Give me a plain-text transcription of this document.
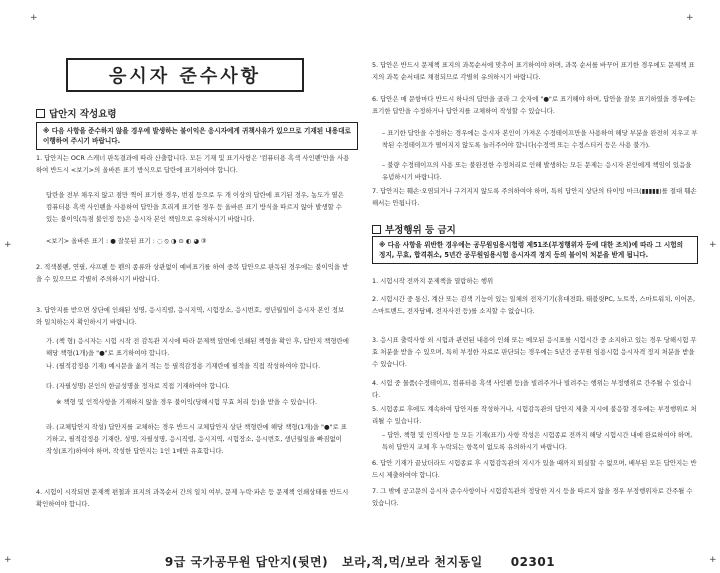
+	+
+	+
+	+
응시자 준수사항
답안지 작성요령
※ 다음 사항을 준수하지 않을 경우에 발생하는 불이익은 응시자에게 귀책사유가 있으므로 기재된 내용대로 이행하여 주시기 바랍니다.
1. 답안지는 OCR 스캐너 판독결과에 따라 산출합니다. 모든 기재 및 표기사항은 '컴퓨터용 흑색 사인펜'만을 사용하여 반드시 <보기>의 올바른 표기 방식으로 답란에 표기하여야 합니다.
답란을 전부 채우지 않고 점만 찍어 표기한 경우, 번짐 등으로 두 개 이상의 답란에 표기된 경우, 농도가 옅은 컴퓨터용 흑색 사인펜을 사용하여 답안을 흐리게 표기한 경우 등 올바른 표기 방식을 따르지 않아 발생할 수 있는 불이익(득점 불인정 등)은 응시자 본인 책임으로 유의하시기 바랍니다.
<보기> 올바른 표기 : ● 잘못된 표기 : ◌ ⦸ ◑ ⊙ ◐ ◕ ③
2. 적색볼펜, 연필, 샤프펜 등 펜의 종류와 상관없이 예비표기를 하여 중복 답안으로 판독된 경우에는 불이익을 받을 수 있으므로 각별히 주의하시기 바랍니다.
3. 답안지를 받으면 상단에 인쇄된 성명, 응시직렬, 응시지역, 시험장소, 응시번호, 생년월일이 응시자 본인 정보와 일치하는지 확인하시기 바랍니다.
가. (책 형) 응시자는 시험 시작 전 감독관 지시에 따라 문제책 앞면에 인쇄된 책형을 확인 후, 답안지 책형란에 해당 책형(1개)을 "●"로 표기하여야 합니다.
나. (필적감정용 기재) 예시문을 옮겨 적는 등 필적감정용 기재란에 필적을 직접 작성하여야 합니다.
다. (자필성명) 본인의 한글성명을 정자로 직접 기재하여야 합니다.
※ 책형 및 인적사항을 기재하지 않을 경우 불이익(당해시험 무효 처리 등)을 받을 수 있습니다.
라. (교체답안지 작성) 답안지를 교체하는 경우 반드시 교체답안지 상단 책형란에 해당 책형(1개)을 "●"로 표기하고, 필적감정용 기재란, 성명, 자필성명, 응시직렬, 응시지역, 시험장소, 응시번호, 생년월일을 빠짐없이 작성(표기)하여야 하며, 작성한 답안지는 1인 1매만 유효합니다.
4. 시험이 시작되면 문제책 편철과 표지의 과목순서 간의 일치 여부, 문제 누락·파손 등 문제책 인쇄상태를 반드시 확인하여야 합니다.
5. 답안은 반드시 문제책 표지의 과목순서에 맞추어 표기하여야 하며, 과목 순서를 바꾸어 표기한 경우에도 문제책 표지의 과목 순서대로 채점되므로 각별히 유의하시기 바랍니다.
6. 답안은 매 문항마다 반드시 하나의 답만을 골라 그 숫자에 "●"로 표기해야 하며, 답안을 잘못 표기하였을 경우에는 표기한 답안을 수정하거나 답안지를 교체하여 작성할 수 있습니다.
– 표기한 답안을 수정하는 경우에는 응시자 본인이 가져온 수정테이프만을 사용하여 해당 부분을 완전히 지우고 부착된 수정테이프가 떨어지지 않도록 눌러주어야 합니다(수정액 또는 수정스티커 등은 사용 불가).
– 불량 수정테이프의 사용 또는 불완전한 수정처리로 인해 발생하는 모든 문제는 응시자 본인에게 책임이 있음을 유념하시기 바랍니다.
7. 답안지는 훼손·오염되거나 구겨지지 않도록 주의하여야 하며, 특히 답안지 상단의 타이밍 마크(▮▮▮▮▮)를 절대 훼손해서는 안됩니다.
부정행위 등 금지
※ 다음 사항을 위반한 경우에는 공무원임용시험령 제51조(부정행위자 등에 대한 조치)에 따라 그 시험의 정지, 무효, 합격취소, 5년간 공무원임용시험 응시자격 정지 등의 불이익 처분을 받게 됩니다.
1. 시험시작 전까지 문제책을 열람하는 행위
2. 시험시간 중 통신, 계산 또는 검색 기능이 있는 일체의 전자기기(휴대전화, 태블릿PC, 노트북, 스마트워치, 이어폰, 스마트밴드, 전자담배, 전자사전 등)를 소지할 수 없습니다.
3. 응시표 출력사항 외 시험과 관련된 내용이 인쇄 또는 메모된 응시표를 시험시간 중 소지하고 있는 경우 당해시험 무효 처분을 받을 수 있으며, 특히 부정한 자료로 판단되는 경우에는 5년간 공무원 임용시험 응시자격 정지 처분을 받을 수 있습니다.
4. 시험 중 물품(수정테이프, 컴퓨터용 흑색 사인펜 등)을 빌려주거나 빌려주는 행위는 부정행위로 간주될 수 있습니다.
5. 시험종료 후에도 계속하여 답안지를 작성하거나, 시험감독관의 답안지 제출 지시에 불응할 경우에는 부정행위로 처리될 수 있습니다.
– 답안, 책형 및 인적사항 등 모든 기재(표기) 사항 작성은 시험종료 전까지 해당 시험시간 내에 완료하여야 하며, 특히 답안지 교체 후 누락되는 항목이 없도록 유의하시기 바랍니다.
6. 답안 기재가 끝났더라도 시험종료 후 시험감독관의 지시가 있을 때까지 퇴실할 수 없으며, 배부된 모든 답안지는 반드시 제출하여야 합니다.
7. 그 밖에 공고문의 응시자 준수사항이나 시험감독관의 정당한 지시 등을 따르지 않을 경우 부정행위자로 간주될 수 있습니다.
9급 국가공무원 답안지(뒷면)   보라,적,먹/보라 천지동일      02301
